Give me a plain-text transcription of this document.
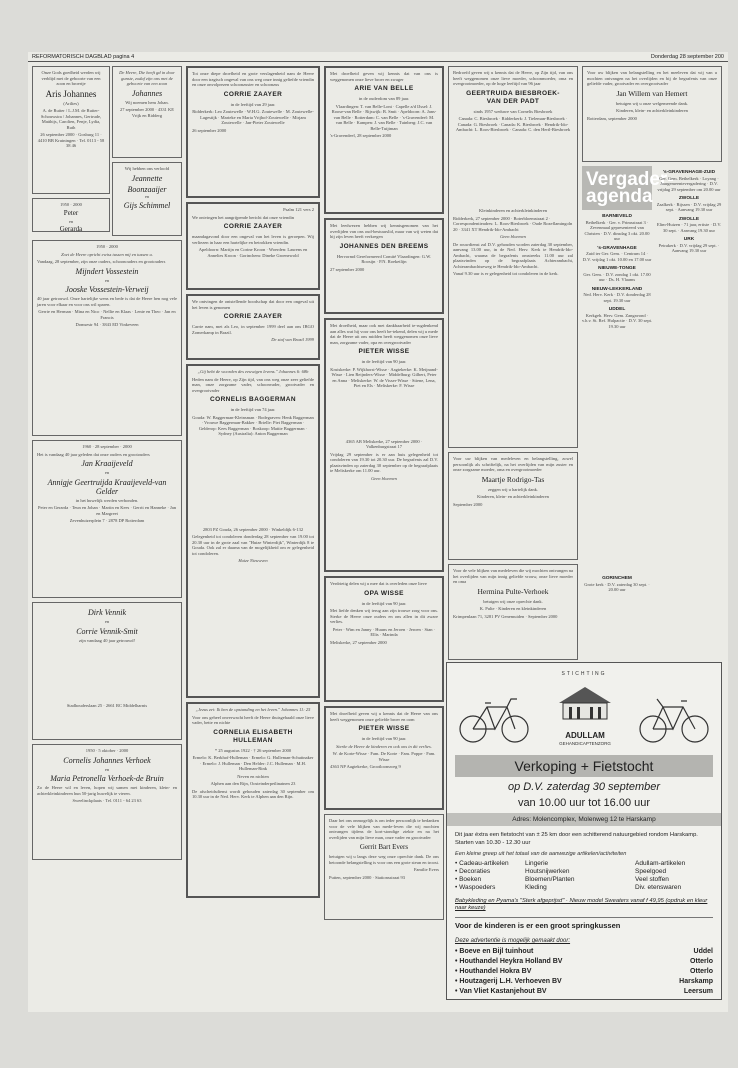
REFORMATORISCH DAGBLAD pagina 4	Donderdag 28 september 200

Onze Gods goedheid werden wij verblijd met de geboorte van een zoon en broertje

Aris Johannes

(Arilies)

A. de Ruiter / L.J.M. de Ruiter-Schouwstra / Johannes, Gertrude, Matthijs, Carolien, Fenje, Lydia, Ruth

26 september 2000 · Gosburg 11 · 4410 BB Kruiningen · Tel. 0113 - 58 38 46

1950 · 2000

Peter

en

Gerarda

De Heere, Die heeft gd in door gunste, zodaf zijn ons met de geboorte van een zoon

Johannes

Wij noemen hem Johan.

27 september 2000 · 4331 KE Vrijk en Ridderg

Wij hebben ons verloofd

Jeannette
Boonzaaijer

en

Gijs Schimmel

1950 · 2000

Zoet de Heere opricht ewiss tussen mij en tussen u.

Vandaag, 28 september, zijn onze ouders, schoonouders en grootouders

Mijndert Vossestein

en

Jooske Vossestein-Verweij

40 jaar getrouwd. Onze hartelijke wens en bede is dat de Heere hen nog vele jaren voor elkaar en voor ons wil sparen.

Gerrie en Herman · Mina en Nico · Nellie en Klaas · Lenie en Theo · Jan en Francis

Domsestr 94 · 3843 ED Vinkeveen

1960 · 28 september · 2000

Het is vandaag 40 jaar geleden dat onze ouders en grootouders

Jan Kraaijeveld

en

Annigje Geertruijda Kraaijeveld-van Gelder

in het huwelijk werden verbonden.

Peter en Gerarda · Teun en Johan · Martin en Kees · Gerrit en Hanneke · Jan en Margreet

Zevenhuizerplein 7 · 2878 DP Rotterdam

Dirk Vennik

en

Corrie Vennik-Smit

zijn vandaag 40 jaar getrouwd!

Stadhouderslaan 25 · 2661 RC Middelharnis

1950 · 5 oktober · 2000

Cornelis Johannes Verhoek

en

Maria Petronella Verhoek-de Bruin

Zo de Heere wil en leven, hopen wij samen met kinderen, klein- en achterkleinkinderen hun 50-jarig huwelijk te vieren.

Sweelinckplaats · Tel. 0111 - 64 23 63

Tot onze diepe droefheid en grote verslagenheid nam de Heere door een tragisch ongeval van ons weg onze innig geliefde vriendin en onze onvolprezen schoonzuster en schoonzus

CORRIE ZAAYER

in de leeftijd van 29 jaar.

Ridderkerk: Leo Zoutewelle · W.H.G. Zoutewelle · M. Zoutewelle-Lagestijk · Marieke en Maria Vrijhof-Zoutewelle · Mirjam Zoutewelle · Jan-Pieter Zoutewelle

26 september 2000

Psalm 121 vers 2

We ontvingen het aangrijpende bericht dat onze vriendin

CORRIE ZAAYER

maandagavond door een ongeval van het leven is geroepen. Wij verliezen in haar een hartelijke en betrokken vriendin.

Apeldoorn: Martijn en Corine Kroon · Woerden: Laurens en Annelies Kroon · Gorinchem: Dineke Groenewold

We ontvingen de ontstellende boodschap dat door een ongeval uit het leven is genomen

CORRIE ZAAYER

Carrie nam, met als Leo, in september 1999 deel aan ons IBGO Zomerkamp in Brazil.

De staf van Brazil 1999

„Gij hebt de woorden des eeuwigen levens." Johannes 6: 68b

Heden nam de Heere, op Zijn tijd, van ons weg onze zeer geliefde man, onze zorgzame vader, schoonvader, grootvader en overgrootvader

CORNELIS BAGGERMAN

in de leeftijd van 74 jaar.

Gouda: W. Baggerman-Kleinsman · Bodegraven: Henk Baggerman · Vrouwe Baggerman-Bakker · Brielle: Piet Baggerman · Gelderop: Kees Baggerman · Boskoop: Mattie Baggerman · Sydney (Australia): Anton Baggerman

2803 PZ Gouda, 26 september 2000 · Winkeldijk 6-132

Gelegenheid tot condoleren donderdag 28 september van 19.00 tot 20.30 uur in de grote zaal van "Huize Winterdijk", Winterdijk 8 te Gouda. Ook zal er daarna van de mogelijkheid om er gelegenheid tot condoleren.

Huize Nieuwven

„Jezus zei: Ik ben de opstanding en het leven." Johannes 11: 25

Voor ons geheel onverwacht heeft de Heere thuisgehaald onze lieve vader, bette en nichte

CORNELIA ELISABETH
HULLEMAN

* 25 augustus 1922 · † 26 september 2000

Ermelo: K. Berkhof-Hulleman · Ermelo: G. Hulleman-Schuttnaker · Ermelo: J. Hulleman · Den Helder: J.C. Hulleman · M.H. Hulleman-Rink

Neven en nichten

Alphen aan den Rijn, Oosteinderpeilinatnen 23

De afscheidsdienst wordt gehouden zaterdag 30 september om 10.30 uur in de Ned. Herv. Kerk te Alphen aan den Rijn.

Met droefheid geven wij kennis dat van ons is weggenomen onze lieve broer en zwager

ARIE VAN BELLE

in de ouderdom van 89 jaar.

Vlaardingen: T. van Belle-Lont · Capelle a/d IJssel: J. Roose-van Belle · Rijswijk: B. Smit · Apeldoorn: A. Jans-van Belle · Rotterdam: C. van Belle · 's-Gravendeel: M. van Belle · Kampen: J. van Belle · Tuinberg: J.C. van Belle-Tuijtman

's-Gravendeel, 28 september 2000

Met leedwezen hebben wij kennisgenomen van het overlijden van ons oud-bestuurslid, maar van wij weten dat hij zijn leven heeft verkregen

JOHANNES DEN BREEMS

Hervormd Gereformeerd Comité Vlaardingen: G.W. Roosijn · P.N. Roeketlijn

27 september 2000

Met droefheid, maar ook met dankbaarheid te-rugdenkend aan alles wat hij voor ons heeft be-tekend, delen wij u mede dat de Heere uit ons midden heeft weggenomen onze lieve man, zorgzame vader, opa en overgrootvader

PIETER WISSE

in de leeftijd van 90 jaar.

Kruiskerke: P. Wijkhorst-Wisse · Aagtekerke: K. Meijnand-Wisse · Lien Reijnders-Wisse · Middelburg: Gilbert, Peter en Anna · Meliskerke: W. de Visser-Wisse · Stiene, Lena, Piet en Els · Meliskerke: F. Wisse

4365 AB Meliskerke, 27 september 2000 · Valkenburgstraat 17

Vrijdag 29 september is er aan huis gelegenheid tot condoleren van 19.30 tot 20.30 uur. De begrafenis zal D.V. plaatsvinden op zaterdag 30 september op de begraafplaats te Meliskerke om 11.00 uur.

Geen bloemen

Verdrietig delen wij u mee dat is overleden onze lieve

OPA WISSE

in de leeftijd van 90 jaar.

Met liefde denken wij terug aan zijn trouwe zorg voor ons. Sterke de Heere onze ouders en ons allen in dit zware verlies.

Peter · Wim en Janny · Huuns en Jeroen · Jeroen · Stan · Ellis · Marinda

Meliskerke, 27 september 2000

Met droefheid geven wij u kennis dat de Heere van ons heeft weggenomen onze geliefde broer en oom

PIETER WISSE

in de leeftijd van 90 jaar.

Sterke de Heere de kinderen en ook ons in dit verlies.

W. de Korte-Wisse · Fam. De Korte · Fam. Poppe · Fam. Wisse

4363 NP Aagtekerke, Grootloonsweg 9

Daar het ons onmogelijk is om ieder persoonlijk te bedanken voor de vele blijken van mede-leven die wij mochten ontvangen tijdens de kort-stondige ziekte en na het overlijden van mijn lieve man, onze vader en grootvader

Gerrit Bart Evers

betuigen wij u langs deze weg onze oprechte dank. De ons betoonde belangstelling is voor ons een grote steun en troost.

Familie Evers

Putten, september 2000 · Stationsstraat 93

Bedroefd geven wij u kennis dat de Heere, op Zijn tijd, van ons heeft weggenomen onze lieve moeder, schoonmoeder, oma en overgrootmoeder, op de hoge leeftijd van 96 jaar

GEERTRUIDA BIESBROEK-
VAN DER PADT

sinds 1957 weduwe van Cornelis Biesbroek

Canada: C. Biesbroek · Ridderkerk: J. Tieleman-Biesbroek · Canada: G. Biesbroek · Canada: K. Biesbroek · Hendrik-Ido-Ambacht: L. Roos-Biesbroek · Canada: C. den Hertl-Biesbroek

Kleinkinderen en achterkleinkinderen

Ridderkerk, 27 september 2000 · Boterbloemstraat 2 · Correspondentieadres: L. Roos-Biesbroek · Oude Rozeflamingoln 20 · 3341 XT Hendrik-Ido-Ambacht

Geen bloemen

De rouwdienst zal D.V. gehouden worden zaterdag 30 september, aanvang 13.00 uur, in de Ned. Herv. Kerk te Hendrik-Ido-Ambacht, waarna de begrafenis omstreeks 11.00 uur zal plaatsvinden op de begraafplaats Achterambacht, Achterambachtseweg te Hendrik-Ido-Ambacht.

Vanaf 9.30 uur is er gelegenheid tot condoleren in de kerk.

Voor uw blijken van medeleven en belangstelling, zowel persoonlijk als schriftelijk, na het overlijden van mijn zuster en onze zorgzame moeder, oma en overgrootmoeder

Maartje Rodrigo-Tas

zeggen wij u hartelijk dank.

Kinderen, klein- en achterkleinkinderen

September 2000

Voor de vele blijken van medeleven die wij mochten ontvangen na het overlijden van mijn innig geliefde vrouw, onze lieve moeder en oma

Hermina Pulte-Verhoek

betuigen wij onze oprechte dank.

K. Pulte · Kinderen en kleinkinderen

Krimpenlaan 71, 3281 PV Genemuiden · September 2000

Voor uw blijken van belangstelling en het meeleven dat wij van u mochten ontvangen na het overlijden en bij de begrafenis van onze geliefde vader, grootvader en overgrootvader

Jan Willem van Hemert

betuigen wij u onze welgemeende dank.

Kinderen, klein- en achterkleinkinderen

Rotterdam, september 2000

Vergader-agenda
BARNEVELD
Bethelkerk · Ger. v. Primsstraat 3 · Zevenmaal gepresenteerd van Christen · D.V. dinsdag 3 okt. 20.00 uur
's-GRAVENHAGE
Zuid ter Ger. Gem. · Centrum 14 · D.V. vrijdag 1 okt. 10.00 en 17.00 uur
NIEUWE-TONGE
Ger. Gem. · D.V. zondag 1 okt. 17.00 uur · Ds. H. Vlaams
NIEUW-LEKKERLAND
Ned. Herv. Kerk · D.V. donderdag 28 sept. 19.30 uur
UDDEL
Kerkgeb. Herv. Gem. Zangavond · v.h.v. St. Ref. Hulpactie · D.V. 30 sept. 19.30 uur
's-GRAVENHAGE-ZUID
Ger. Gem. Bethelkerk · Loyang · Jaargemeentevergadering · D.V. vrijdag 29 september om 20.00 uur
ZWOLLE
Zaalkerk · Rijssen · D.V. vrijdag 29 sept. · Aanvang 19.30 uur
ZWOLLE
Elim-Huizen · 71 jaar, ertiste · D.V. 30 sept. · Aanvang 19.30 uur
URK
Petrakerk · D.V. vrijdag 29 sept. · Aanvang 19.30 uur
GORINCHEM
Grote kerk · D.V. zaterdag 30 sept. · 20.00 uur
STICHTING
ADULLAM
GEHANDICAPTENZORG
Verkoping + Fietstocht
op D.V. zaterdag 30 september
van 10.00 uur tot 16.00 uur
Adres: Molencomplex, Molenweg 12 te Harskamp
Dit jaar éxtra een fietstocht van ± 25 km door een schitterend natuurgebied rondom Harskamp. Starten van 10.30 - 12.30 uur
Een kleine greep uit het totaal van de aanwezige artikelen/activiteiten
• Cadeau-artikelen	Lingerie	Adullam-artikelen
• Decoraties	Houtsnijwerken	Speelgoed
• Boeken	Bloemen/Planten	Veel stoffen
• Waspoeders	Kleding	Div. etenswaren
Babykleding en Pyama's "Sterk afgeprijsd" · Nieuw model Sweaters vanaf f 49,95 (opdruk en kleur naar keuze)
Voor de kinderen is er een groot springkussen
Deze advertentie is mogelijk gemaakt door:
• Boeve en Bijl tuinhout	Uddel
• Houthandel Heykra Holland BV	Otterlo
• Houthandel Hokra BV	Otterlo
• Houtzagerij L.H. Verhoeven BV	Harskamp
• Van Vliet Kastanjehout BV	Leersum
